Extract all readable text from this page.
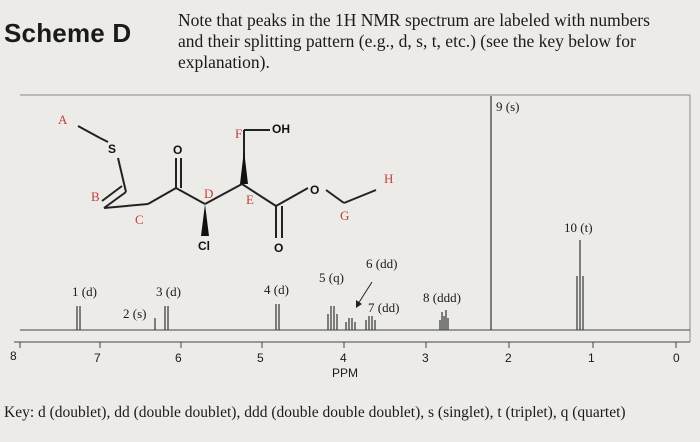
Scheme D	Note that peaks in the 1H NMR spectrum are labeled with numbers and their splitting pattern (e.g., d, s, t, etc.) (see the key below for explanation).
S	O
OH
O
Cl	O
A
B
C
D	E
F
G
H
1 (d)
2 (s)
3 (d)	4 (d)
5 (q)
6 (dd)
7 (dd)
8 (ddd)
9 (s)
10 (t)
8	7	6	5	4	3	2	1	0
PPM
Key: d (doublet), dd (double doublet), ddd (double double doublet), s (singlet), t (triplet), q (quartet)
